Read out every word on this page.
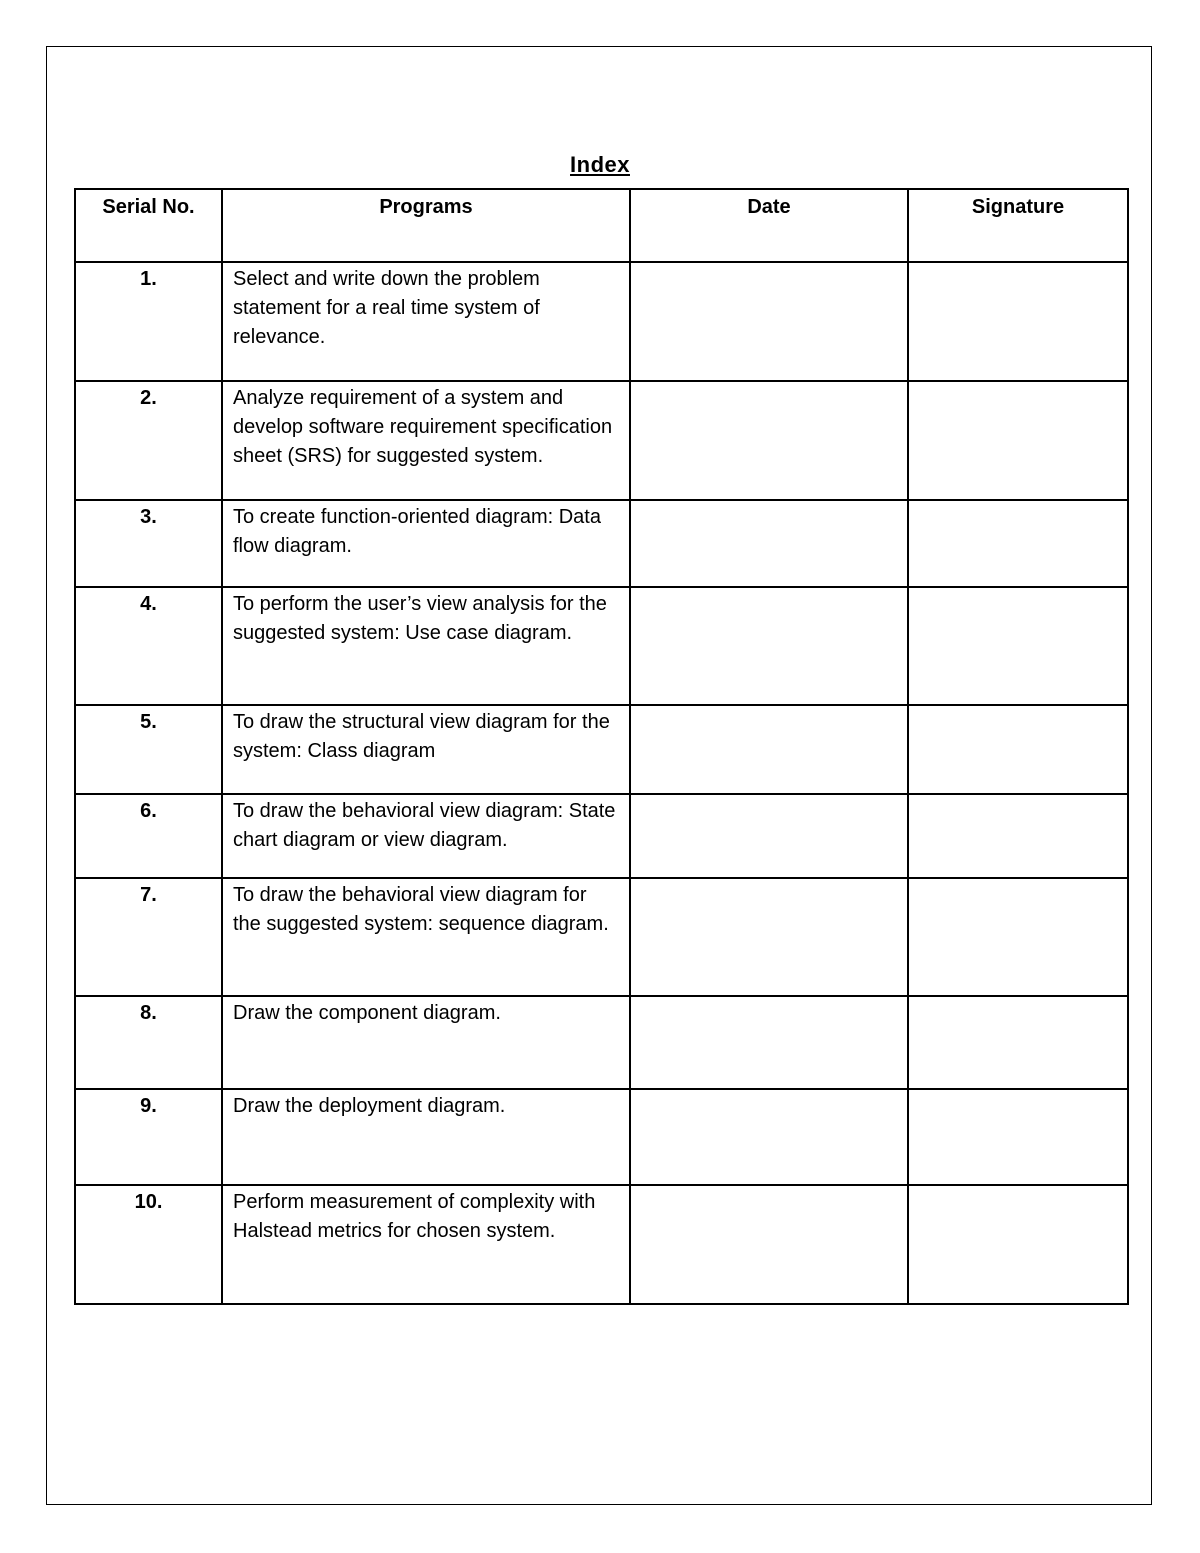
Index
Serial No.	Programs	Date	Signature
1.	Select and write down the problem statement for a real time system of relevance.		
2.	Analyze requirement of a system and develop software requirement specification sheet (SRS) for suggested system.		
3.	To create function-oriented diagram: Data flow diagram.		
4.	To perform the user’s view analysis for the suggested system: Use case diagram.		
5.	To draw the structural view diagram for the system: Class diagram		
6.	To draw the behavioral view diagram: State chart diagram or view diagram.		
7.	To draw the behavioral view diagram for the suggested system: sequence diagram.		
8.	Draw the component diagram.		
9.	Draw the deployment diagram.		
10.	Perform measurement of complexity with Halstead metrics for chosen system.		
